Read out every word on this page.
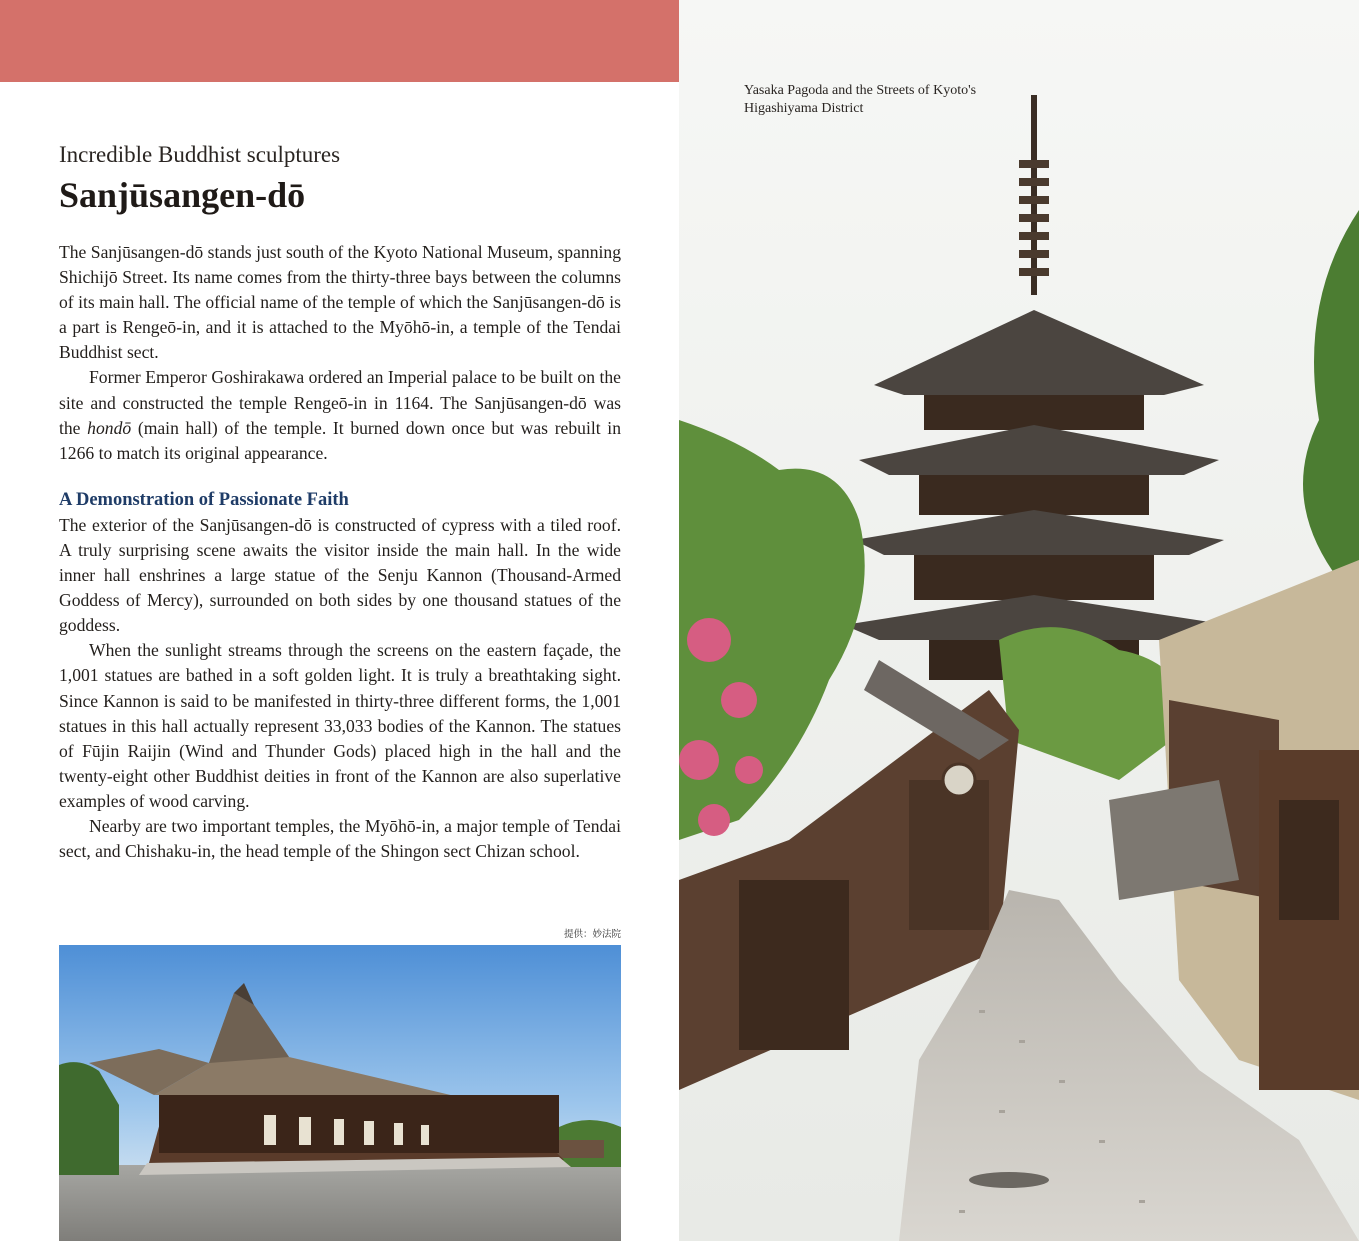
Incredible Buddhist sculptures

Sanjūsangen-dō

The Sanjūsangen-dō stands just south of the Kyoto National Museum, spanning Shichijō Street. Its name comes from the thirty-three bays between the columns of its main hall. The official name of the temple of which the Sanjūsangen-dō is a part is Rengeō-in, and it is attached to the Myōhō-in, a temple of the Tendai Buddhist sect.

Former Emperor Goshirakawa ordered an Imperial palace to be built on the site and constructed the temple Rengeō-in in 1164. The Sanjūsangen-dō was the hondō (main hall) of the temple. It burned down once but was rebuilt in 1266 to match its original appearance.

A Demonstration of Passionate Faith

The exterior of the Sanjūsangen-dō is constructed of cypress with a tiled roof. A truly surprising scene awaits the visitor inside the main hall. In the wide inner hall enshrines a large statue of the Senju Kannon (Thousand-Armed Goddess of Mercy), surrounded on both sides by one thousand statues of the goddess.

When the sunlight streams through the screens on the eastern façade, the 1,001 statues are bathed in a soft golden light. It is truly a breathtaking sight. Since Kannon is said to be manifested in thirty-three different forms, the 1,001 statues in this hall actually represent 33,033 bodies of the Kannon. The statues of Fūjin Raijin (Wind and Thunder Gods) placed high in the hall and the twenty-eight other Buddhist deities in front of the Kannon are also superlative examples of wood carving.

Nearby are two important temples, the Myōhō-in, a major temple of Tendai sect, and Chishaku-in, the head temple of the Shingon sect Chizan school.

提供：妙法院
Yasaka Pagoda and the Streets of Kyoto's Higashiyama District
